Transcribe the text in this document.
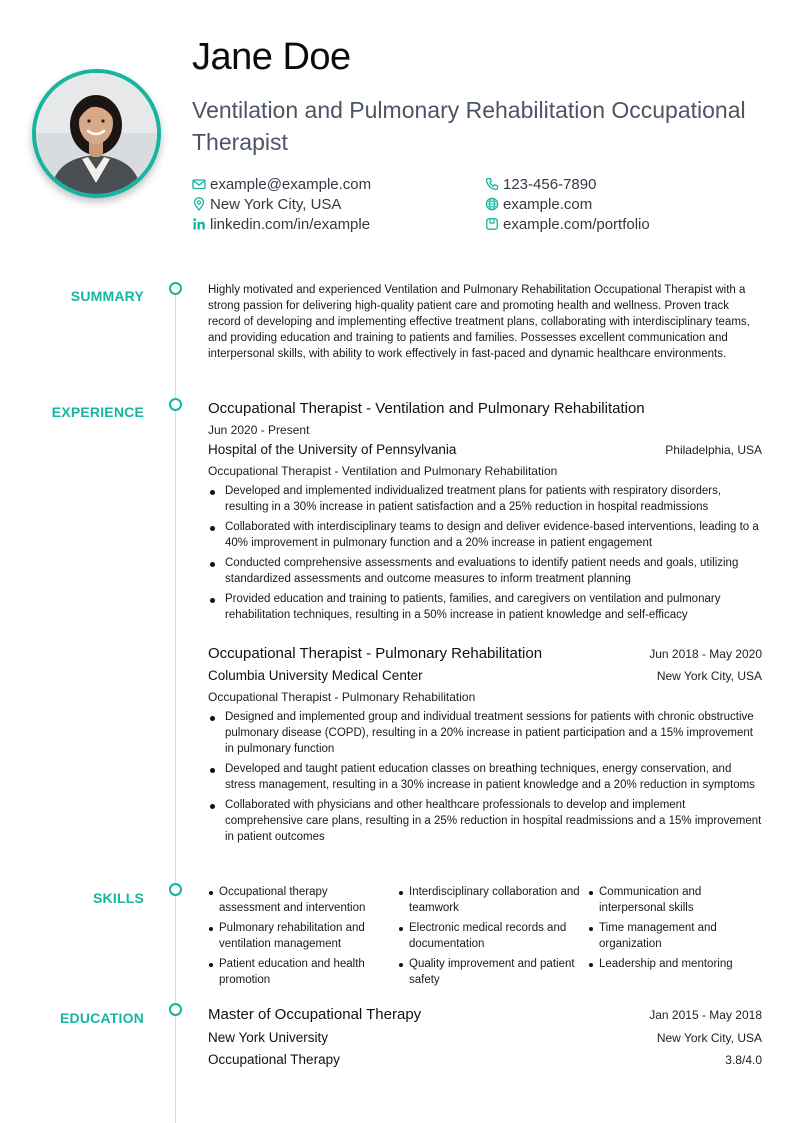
Jane Doe
Ventilation and Pulmonary Rehabilitation Occupational Therapist
example@example.com
New York City, USA
linkedin.com/in/example
123-456-7890
example.com
example.com/portfolio
SUMMARY	Highly motivated and experienced Ventilation and Pulmonary Rehabilitation Occupational Therapist with a strong passion for delivering high-quality patient care and promoting health and wellness. Proven track record of developing and implementing effective treatment plans, collaborating with interdisciplinary teams, and providing education and training to patients and families. Possesses excellent communication and interpersonal skills, with ability to work effectively in fast-paced and dynamic healthcare environments.

EXPERIENCE	Occupational Therapist - Ventilation and Pulmonary Rehabilitation
Jun 2020 - Present
Hospital of the University of Pennsylvania	Philadelphia, USA
Occupational Therapist - Ventilation and Pulmonary Rehabilitation
Developed and implemented individualized treatment plans for patients with respiratory disorders, resulting in a 30% increase in patient satisfaction and a 25% reduction in hospital readmissions
Collaborated with interdisciplinary teams to design and deliver evidence-based interventions, leading to a 40% improvement in pulmonary function and a 20% increase in patient engagement
Conducted comprehensive assessments and evaluations to identify patient needs and goals, utilizing standardized assessments and outcome measures to inform treatment planning
Provided education and training to patients, families, and caregivers on ventilation and pulmonary rehabilitation techniques, resulting in a 50% increase in patient knowledge and self-efficacy
Occupational Therapist - Pulmonary Rehabilitation	Jun 2018 - May 2020
Columbia University Medical Center	New York City, USA
Occupational Therapist - Pulmonary Rehabilitation
Designed and implemented group and individual treatment sessions for patients with chronic obstructive pulmonary disease (COPD), resulting in a 20% increase in patient participation and a 15% improvement in pulmonary function
Developed and taught patient education classes on breathing techniques, energy conservation, and stress management, resulting in a 30% increase in patient knowledge and a 20% reduction in symptoms
Collaborated with physicians and other healthcare professionals to develop and implement comprehensive care plans, resulting in a 25% reduction in hospital readmissions and a 15% improvement in patient outcomes
SKILLS	Occupational therapy assessment and intervention
Interdisciplinary collaboration and teamwork
Communication and interpersonal skills
Pulmonary rehabilitation and ventilation management
Electronic medical records and documentation
Time management and organization
Patient education and health promotion
Quality improvement and patient safety
Leadership and mentoring
EDUCATION	Master of Occupational Therapy	Jan 2015 - May 2018
New York University	New York City, USA
Occupational Therapy	3.8/4.0
